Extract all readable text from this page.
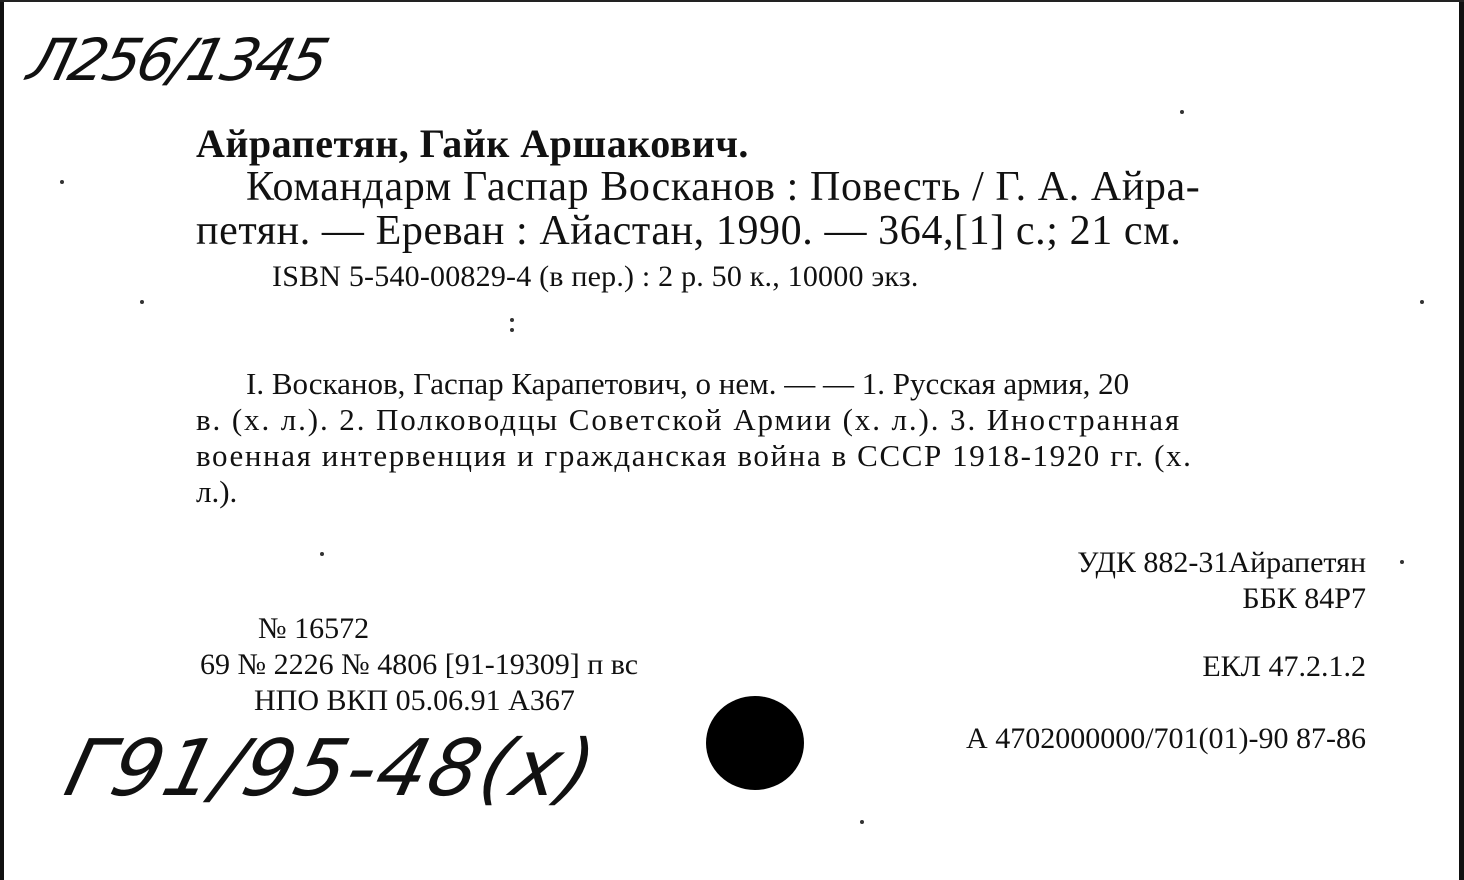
Л256/1345
Айрапетян, Гайк Аршакович.
Командарм Гаспар Восканов : Повесть / Г. А. Айра-
петян. — Ереван : Айастан, 1990. — 364,[1] с.; 21 см.
ISBN 5-540-00829-4 (в пер.) : 2 р. 50 к., 10000 экз.
I. Восканов, Гаспар Карапетович, о нем. — — 1. Русская армия, 20
в. (х. л.). 2. Полководцы Советской Армии (х. л.). 3. Иностранная
военная интервенция и гражданская война в СССР 1918-1920 гг. (х.
л.).
УДК 882-31Айрапетян
ББК 84Р7
ЕКЛ 47.2.1.2
А 4702000000/701(01)-90 87-86
№ 16572
69 № 2226 № 4806 [91-19309] п вс
НПО ВКП 05.06.91 А367
Г91/95-48(х)
